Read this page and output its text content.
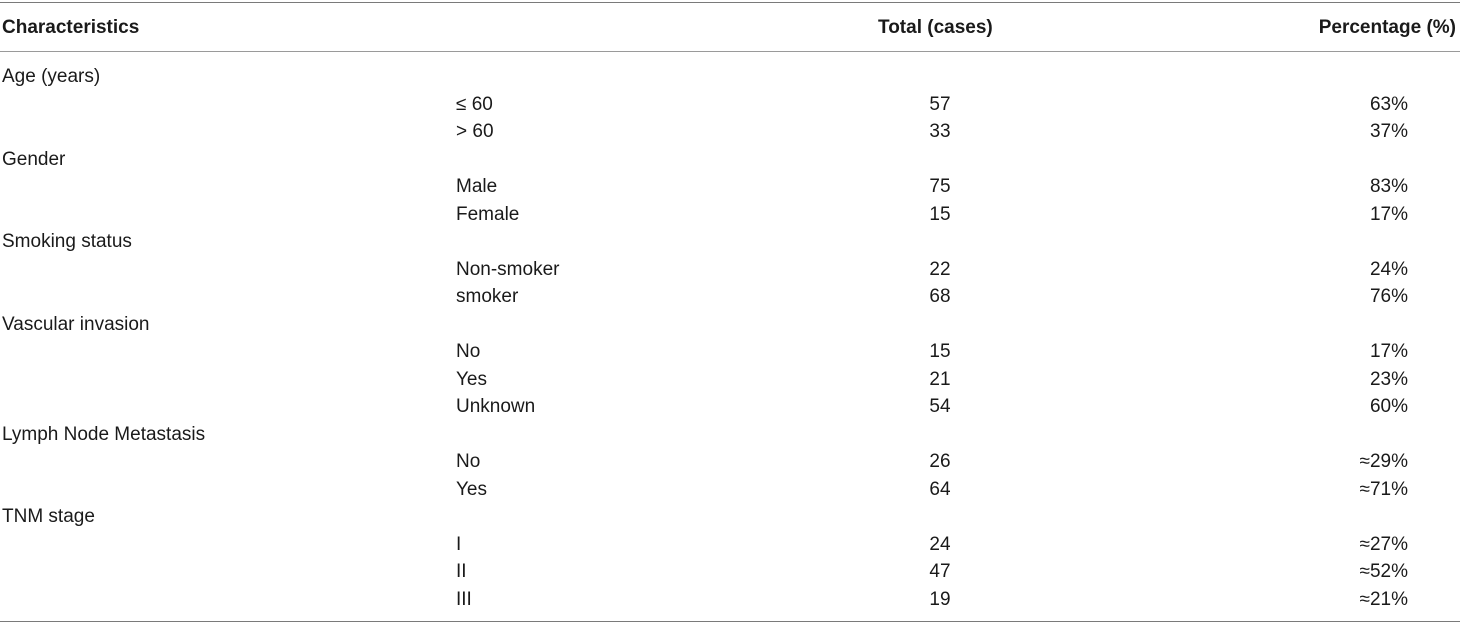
Characteristics	Total (cases)	Percentage (%)
Age (years)
≤ 60	57	63%
> 60	33	37%
Gender
Male	75	83%
Female	15	17%
Smoking status
Non-smoker	22	24%
smoker	68	76%
Vascular invasion
No	15	17%
Yes	21	23%
Unknown	54	60%
Lymph Node Metastasis
No	26	≈29%
Yes	64	≈71%
TNM stage
I	24	≈27%
II	47	≈52%
III	19	≈21%
